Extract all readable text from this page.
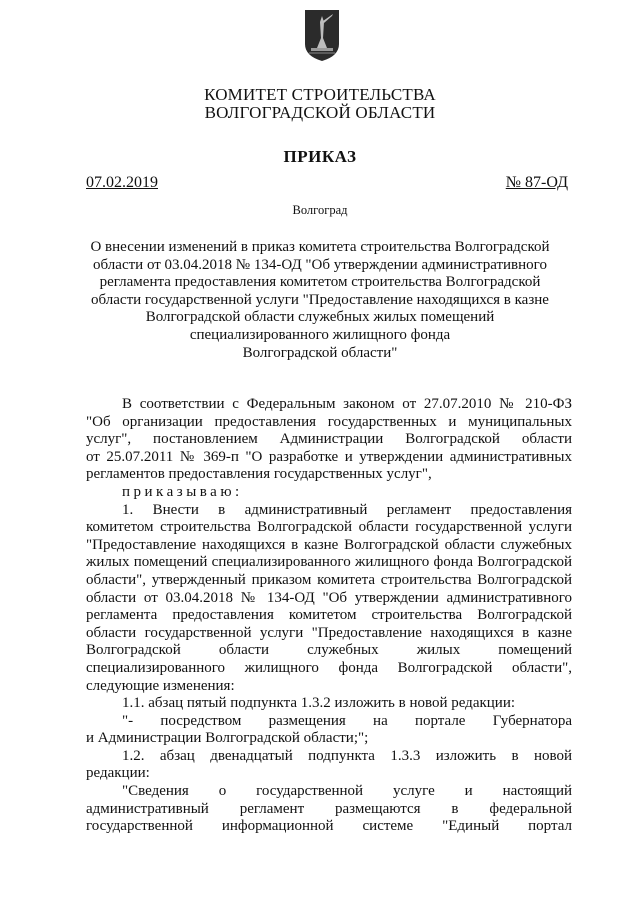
КОМИТЕТ СТРОИТЕЛЬСТВА
ВОЛГОГРАДСКОЙ ОБЛАСТИ
ПРИКАЗ
07.02.2019	№ 87-ОД
Волгоград
О внесении изменений в приказ комитета строительства Волгоградской
области от 03.04.2018 № 134-ОД "Об утверждении административного
регламента предоставления комитетом строительства Волгоградской
области государственной услуги "Предоставление находящихся в казне
Волгоградской области служебных жилых помещений
специализированного жилищного фонда
Волгоградской области"
В соответствии с Федеральным законом от 27.07.2010 № 210-ФЗ
"Об организации предоставления государственных и муниципальных
услуг", постановлением Администрации Волгоградской области
от 25.07.2011 № 369-п "О разработке и утверждении административных
регламентов предоставления государственных услуг",
приказываю:
1. Внести в административный регламент предоставления
комитетом строительства Волгоградской области государственной услуги
"Предоставление находящихся в казне Волгоградской области служебных
жилых помещений специализированного жилищного фонда Волгоградской
области", утвержденный приказом комитета строительства Волгоградской
области от 03.04.2018 № 134-ОД "Об утверждении административного
регламента предоставления комитетом строительства Волгоградской
области государственной услуги "Предоставление находящихся в казне
Волгоградской области служебных жилых помещений
специализированного жилищного фонда Волгоградской области",
следующие изменения:
1.1. абзац пятый подпункта 1.3.2 изложить в новой редакции:
"- посредством размещения на портале Губернатора
и Администрации Волгоградской области;";
1.2. абзац двенадцатый подпункта 1.3.3 изложить в новой
редакции:
"Сведения о государственной услуге и настоящий
административный регламент размещаются в федеральной
государственной информационной системе "Единый портал
